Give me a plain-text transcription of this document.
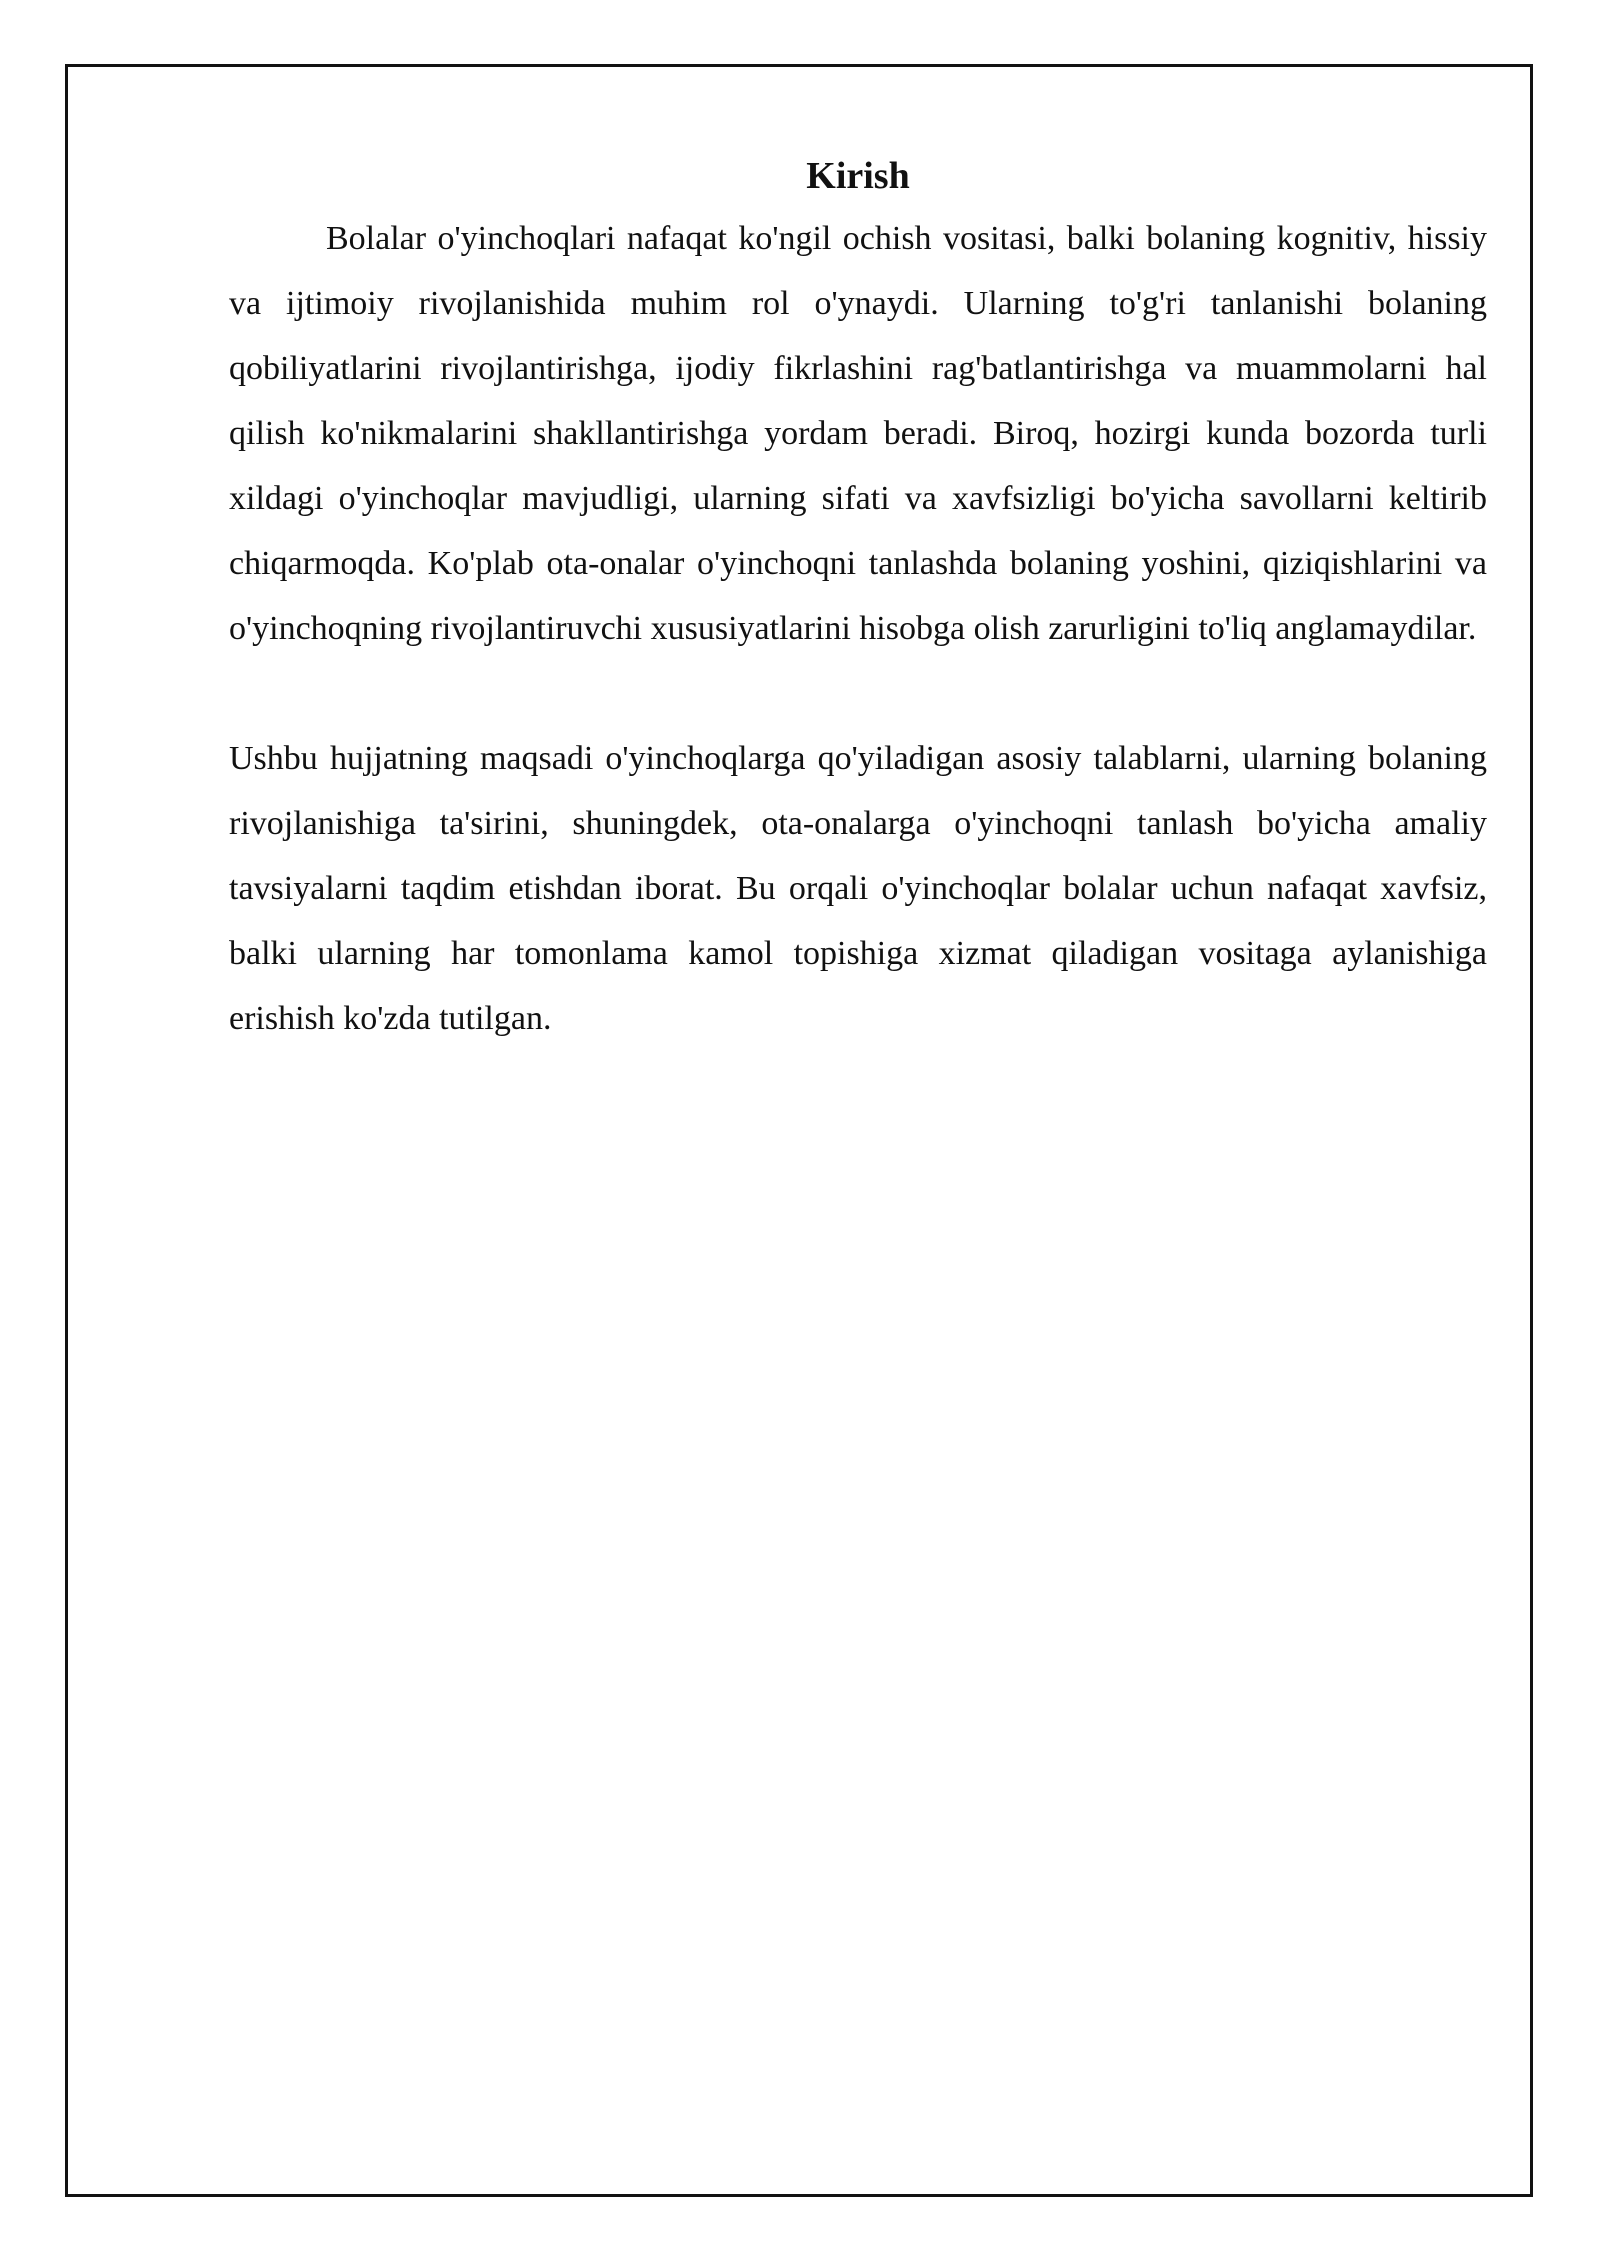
Kirish

Bolalar o'yinchoqlari nafaqat ko'ngil ochish vositasi, balki bolaning kognitiv, hissiy va ijtimoiy rivojlanishida muhim rol o'ynaydi. Ularning to'g'ri tanlanishi bolaning qobiliyatlarini rivojlantirishga, ijodiy fikrlashini rag'batlantirishga va muammolarni hal qilish ko'nikmalarini shakllantirishga yordam beradi. Biroq, hozirgi kunda bozorda turli xildagi o'yinchoqlar mavjudligi, ularning sifati va xavfsizligi bo'yicha savollarni keltirib chiqarmoqda. Ko'plab ota-onalar o'yinchoqni tanlashda bolaning yoshini, qiziqishlarini va o'yinchoqning rivojlantiruvchi xususiyatlarini hisobga olish zarurligini to'liq anglamaydilar.

Ushbu hujjatning maqsadi o'yinchoqlarga qo'yiladigan asosiy talablarni, ularning bolaning rivojlanishiga ta'sirini, shuningdek, ota-onalarga o'yinchoqni tanlash bo'yicha amaliy tavsiyalarni taqdim etishdan iborat. Bu orqali o'yinchoqlar bolalar uchun nafaqat xavfsiz, balki ularning har tomonlama kamol topishiga xizmat qiladigan vositaga aylanishiga erishish ko'zda tutilgan.
